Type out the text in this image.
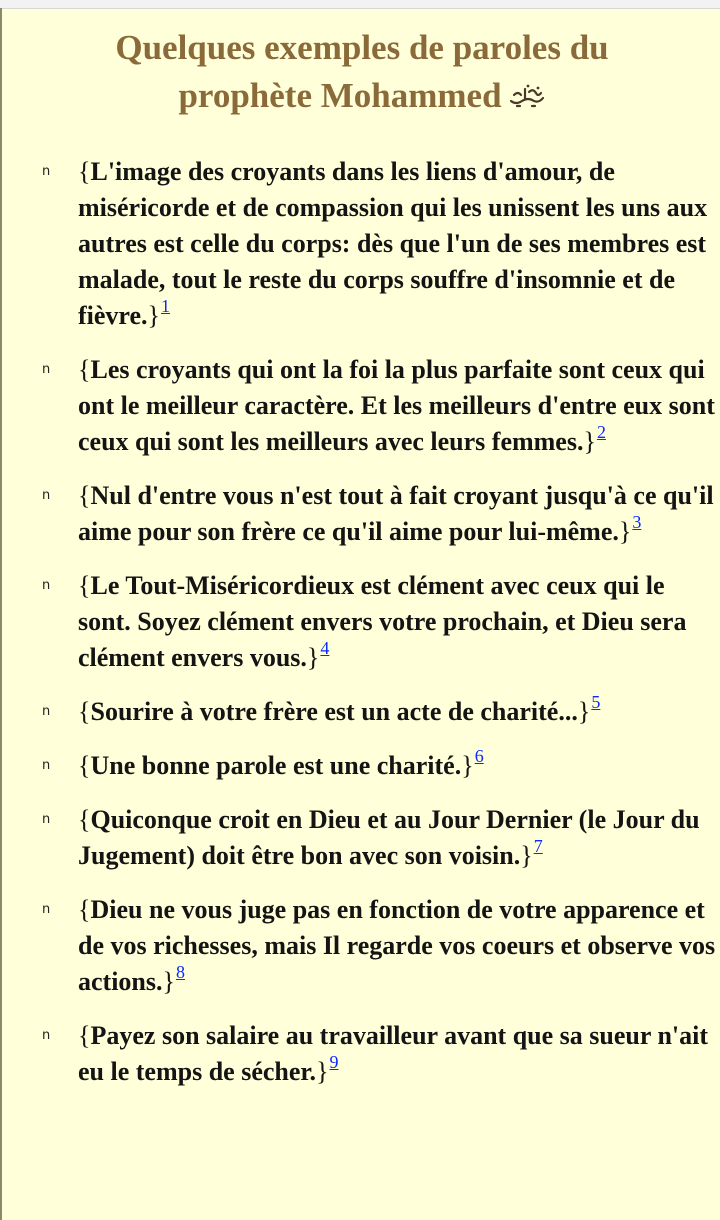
Quelques exemples de paroles du
prophète Mohammed
n {L'image des croyants dans les liens d'amour, de miséricorde et de compassion qui les unissent les uns aux autres est celle du corps: dès que l'un de ses membres est malade, tout le reste du corps souffre d'insomnie et de fièvre.}$^1$
n {Les croyants qui ont la foi la plus parfaite sont ceux qui ont le meilleur caractère. Et les meilleurs d'entre eux sont ceux qui sont les meilleurs avec leurs femmes.}$^2$
n {Nul d'entre vous n'est tout à fait croyant jusqu'à ce qu'il aime pour son frère ce qu'il aime pour lui-même.}$^3$
n {Le Tout-Miséricordieux est clément avec ceux qui le sont. Soyez clément envers votre prochain, et Dieu sera clément envers vous.}$^4$
n {Sourire à votre frère est un acte de charité...}$^5$
n {Une bonne parole est une charité.}$^6$
n {Quiconque croit en Dieu et au Jour Dernier (le Jour du Jugement) doit être bon avec son voisin.}$^7$
n {Dieu ne vous juge pas en fonction de votre apparence et de vos richesses, mais Il regarde vos coeurs et observe vos actions.}$^8$
n {Payez son salaire au travailleur avant que sa sueur n'ait eu le temps de sécher.}$^9$
